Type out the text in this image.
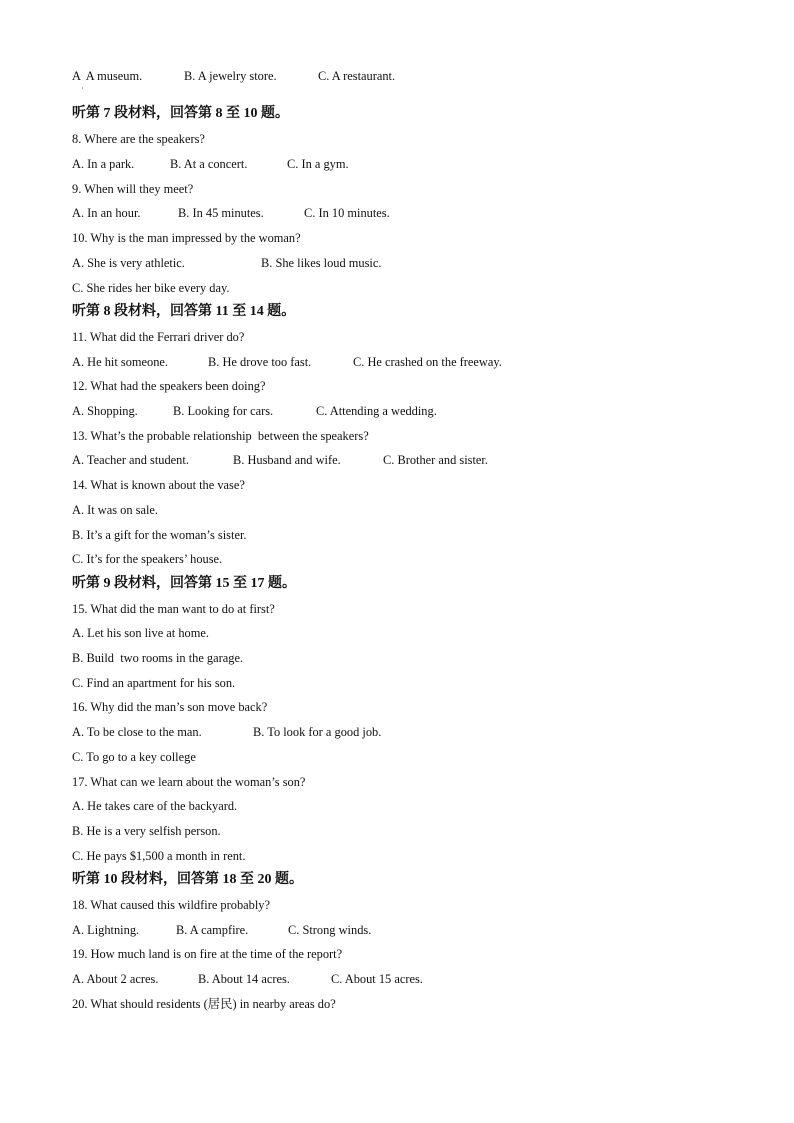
A  A museum.
·
B. A jewelry store.	C. A restaurant.
听第 7 段材料，回答第 8 至 10 题。
8. Where are the speakers?
A. In a park.	B. At a concert.	C. In a gym.
9. When will they meet?
A. In an hour.	B. In 45 minutes.	C. In 10 minutes.
10. Why is the man impressed by the woman?
A. She is very athletic.	B. She likes loud music.
C. She rides her bike every day.
听第 8 段材料，回答第 11 至 14 题。
11. What did the Ferrari driver do?
A. He hit someone.	B. He drove too fast.	C. He crashed on the freeway.
12. What had the speakers been doing?
A. Shopping.	B. Looking for cars.	C. Attending a wedding.
13. What’s the probable relationship  between the speakers?
A. Teacher and student.	B. Husband and wife.	C. Brother and sister.
14. What is known about the vase?
A. It was on sale.
B. It’s a gift for the woman’s sister.
C. It’s for the speakers’ house.
听第 9 段材料，回答第 15 至 17 题。
15. What did the man want to do at first?
A. Let his son live at home.
B. Build  two rooms in the garage.
C. Find an apartment for his son.
16. Why did the man’s son move back?
A. To be close to the man.	B. To look for a good job.
C. To go to a key college
17. What can we learn about the woman’s son?
A. He takes care of the backyard.
B. He is a very selfish person.
C. He pays $1,500 a month in rent.
听第 10 段材料，回答第 18 至 20 题。
18. What caused this wildfire probably?
A. Lightning.	B. A campfire.	C. Strong winds.
19. How much land is on fire at the time of the report?
A. About 2 acres.	B. About 14 acres.	C. About 15 acres.
20. What should residents (居民) in nearby areas do?
